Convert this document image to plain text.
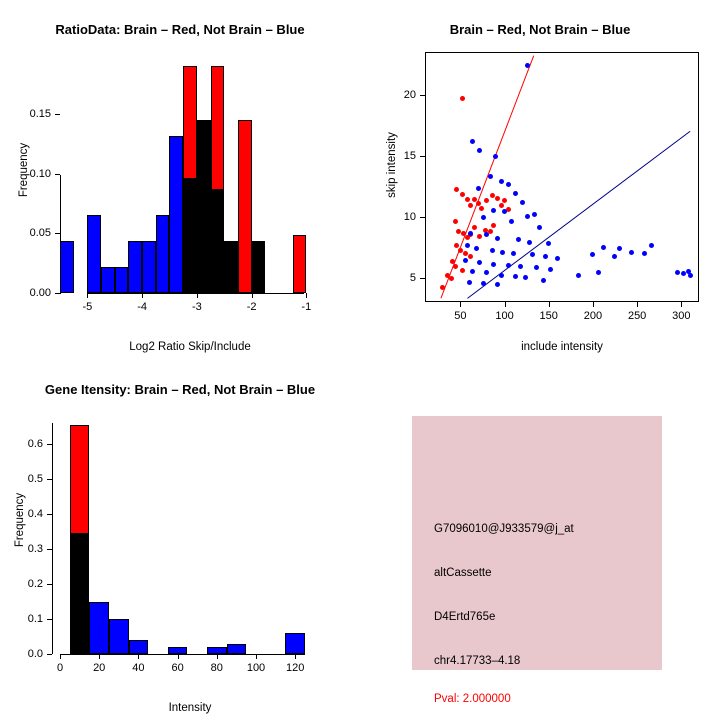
RatioData: Brain – Red, Not Brain – Blue
-5	-4	-3	-2	-1
0.00
0.05
0.10
0.15
Log2 Ratio Skip/Include
Frequency
Brain – Red, Not Brain – Blue
50	100 150 200 250 300
5
10
15
20
include intensity
skip intensity
Gene Itensity: Brain – Red, Not Brain – Blue
0	20 40 60 80 100 120
0.0
0.1
0.2
0.3
0.4
0.5
0.6
Intensity
Frequency	G7096010@J933579@j_at
altCassette
D4Ertd765e
chr4.17733–4.18
Pval: 2.000000
